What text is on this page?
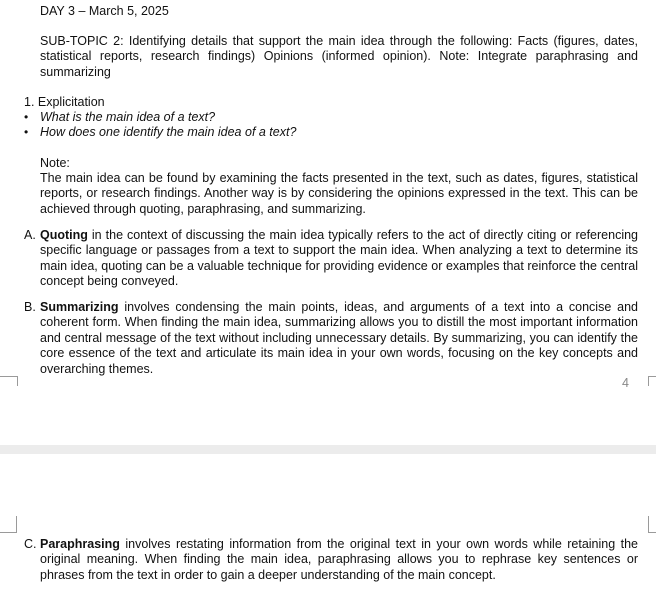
DAY 3 – March 5, 2025
SUB-TOPIC 2: Identifying details that support the main idea through the following: Facts (figures, dates, statistical reports, research findings) Opinions (informed opinion). Note: Integrate paraphrasing and summarizing
1. Explicitation
• What is the main idea of a text?
• How does one identify the main idea of a text?
Note:
The main idea can be found by examining the facts presented in the text, such as dates, figures, statistical reports, or research findings. Another way is by considering the opinions expressed in the text. This can be achieved through quoting, paraphrasing, and summarizing.
A. Quoting in the context of discussing the main idea typically refers to the act of directly citing or referencing specific language or passages from a text to support the main idea. When analyzing a text to determine its main idea, quoting can be a valuable technique for providing evidence or examples that reinforce the central concept being conveyed.
B. Summarizing involves condensing the main points, ideas, and arguments of a text into a concise and coherent form. When finding the main idea, summarizing allows you to distill the most important information and central message of the text without including unnecessary details. By summarizing, you can identify the core essence of the text and articulate its main idea in your own words, focusing on the key concepts and overarching themes.
4
C. Paraphrasing involves restating information from the original text in your own words while retaining the original meaning. When finding the main idea, paraphrasing allows you to rephrase key sentences or phrases from the text in order to gain a deeper understanding of the main concept.
